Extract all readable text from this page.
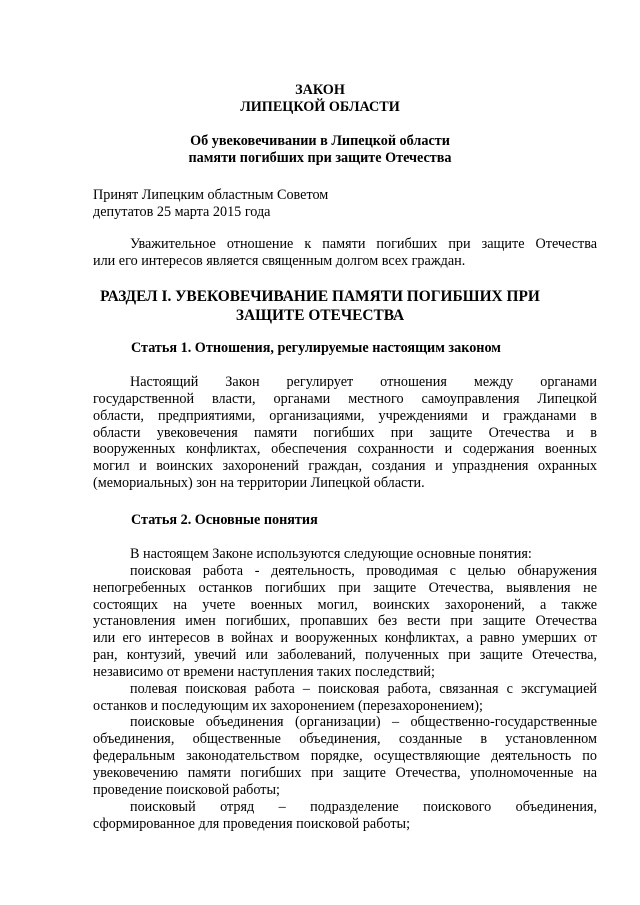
ЗАКОН
ЛИПЕЦКОЙ ОБЛАСТИ
Об увековечивании в Липецкой области
памяти погибших при защите Отечества
Принят Липецким областным Советом
депутатов 25 марта 2015 года
Уважительное отношение к памяти погибших при защите Отечества
или его интересов является священным долгом всех граждан.
РАЗДЕЛ I. УВЕКОВЕЧИВАНИЕ ПАМЯТИ ПОГИБШИХ ПРИ
ЗАЩИТЕ ОТЕЧЕСТВА
Статья 1. Отношения, регулируемые настоящим законом
Настоящий Закон регулирует отношения между органами
государственной власти, органами местного самоуправления Липецкой
области, предприятиями, организациями, учреждениями и гражданами в
области увековечения памяти погибших при защите Отечества и в
вооруженных конфликтах, обеспечения сохранности и содержания военных
могил и воинских захоронений граждан, создания и упразднения охранных
(мемориальных) зон на территории Липецкой области.
Статья 2. Основные понятия
В настоящем Законе используются следующие основные понятия:
поисковая работа - деятельность, проводимая с целью обнаружения
непогребенных останков погибших при защите Отечества, выявления не
состоящих на учете военных могил, воинских захоронений, а также
установления имен погибших, пропавших без вести при защите Отечества
или его интересов в войнах и вооруженных конфликтах, а равно умерших от
ран, контузий, увечий или заболеваний, полученных при защите Отечества,
независимо от времени наступления таких последствий;
полевая поисковая работа – поисковая работа, связанная с эксгумацией
останков и последующим их захоронением (перезахоронением);
поисковые объединения (организации) – общественно-государственные
объединения, общественные объединения, созданные в установленном
федеральным законодательством порядке, осуществляющие деятельность по
увековечению памяти погибших при защите Отечества, уполномоченные на
проведение поисковой работы;
поисковый отряд – подразделение поискового объединения,
сформированное для проведения поисковой работы;
